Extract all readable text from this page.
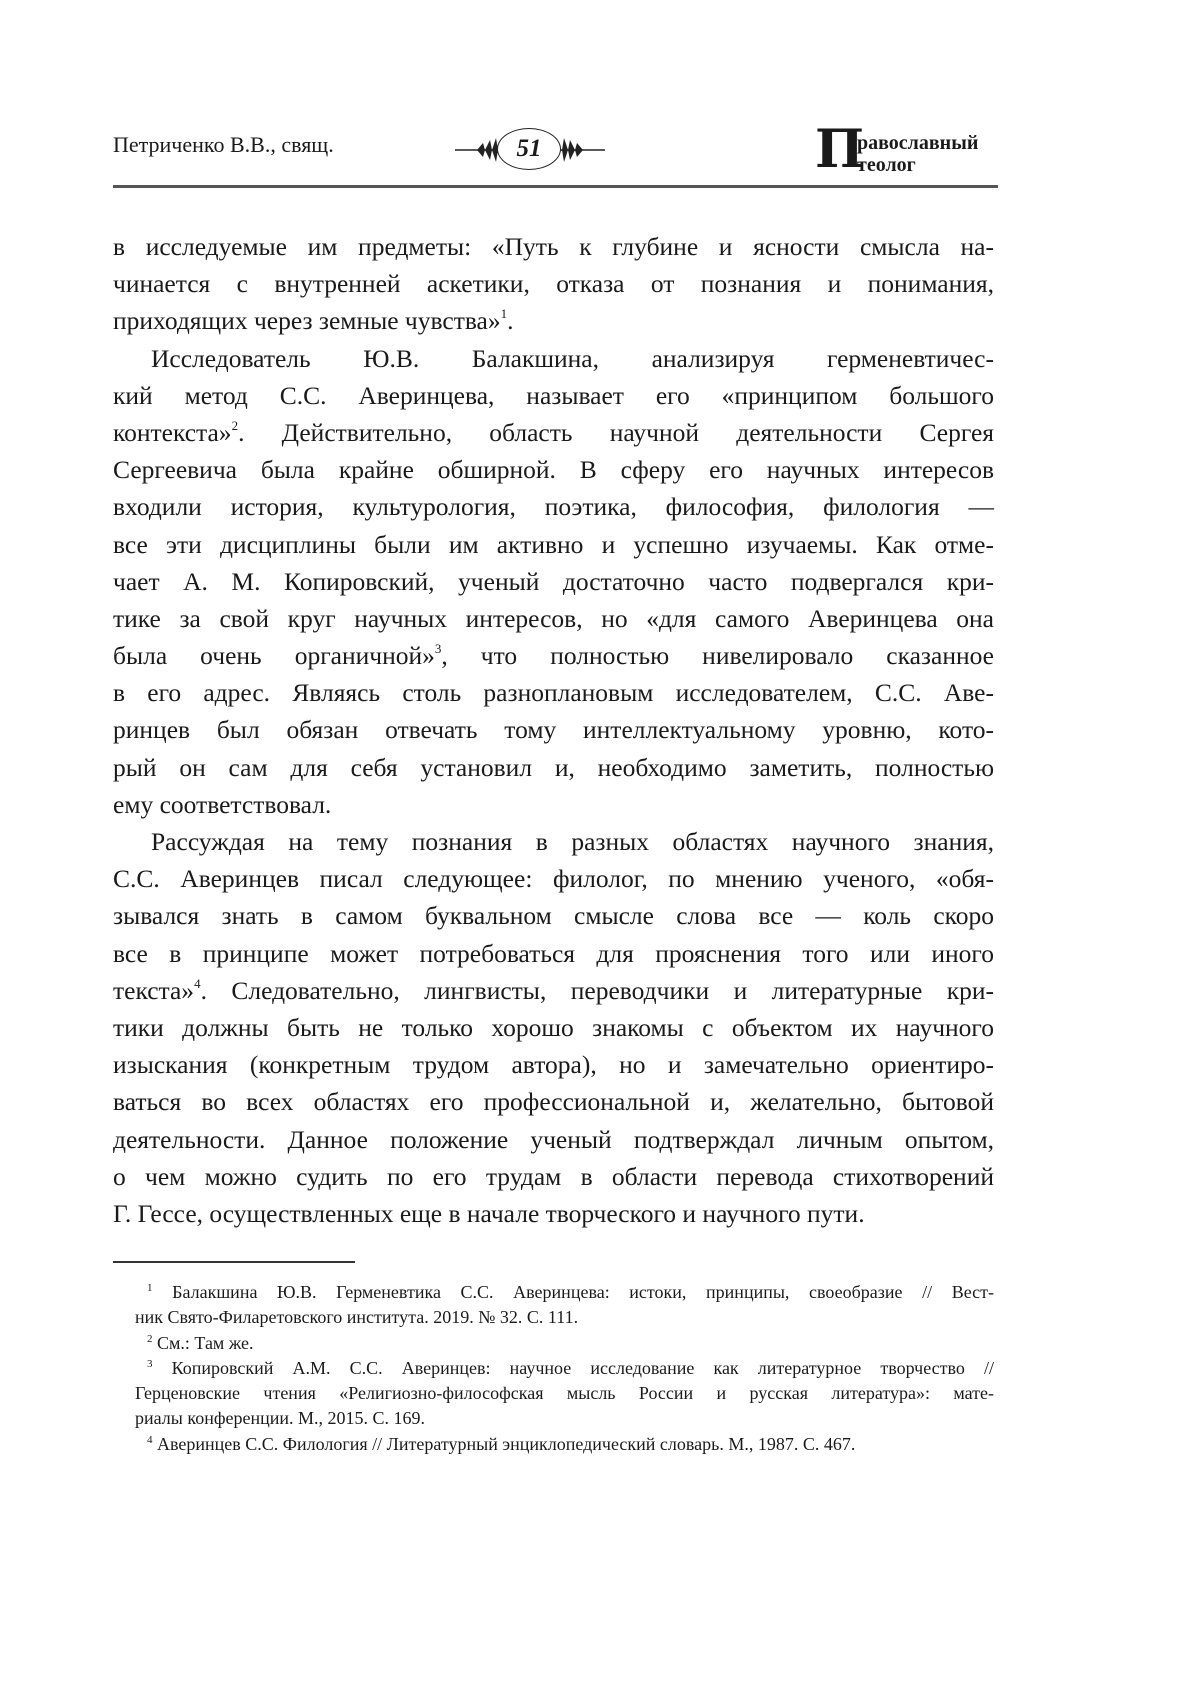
Петриченко В.В., свящ.	51	П
равославный
теолог
в исследуемые им предметы: «Путь к глубине и ясности смысла на-
чинается с внутренней аскетики, отказа от познания и понимания,
приходящих через земные чувства»$^1$.
Исследователь Ю.В. Балакшина, анализируя герменевтичес-
кий метод С.С. Аверинцева, называет его «принципом большого
контекста»$^2$. Действительно, область научной деятельности Сергея
Сергеевича была крайне обширной. В сферу его научных интересов
входили история, культурология, поэтика, философия, филология —
все эти дисциплины были им активно и успешно изучаемы. Как отме-
чает А. М. Копировский, ученый достаточно часто подвергался кри-
тике за свой круг научных интересов, но «для самого Аверинцева она
была очень органичной»$^3$, что полностью нивелировало сказанное
в его адрес. Являясь столь разноплановым исследователем, С.С. Аве-
ринцев был обязан отвечать тому интеллектуальному уровню, кото-
рый он сам для себя установил и, необходимо заметить, полностью
ему соответствовал.
Рассуждая на тему познания в разных областях научного знания,
С.С. Аверинцев писал следующее: филолог, по мнению ученого, «обя-
зывался знать в самом буквальном смысле слова все — коль скоро
все в принципе может потребоваться для прояснения того или иного
текста»$^4$. Следовательно, лингвисты, переводчики и литературные кри-
тики должны быть не только хорошо знакомы с объектом их научного
изыскания (конкретным трудом автора), но и замечательно ориентиро-
ваться во всех областях его профессиональной и, желательно, бытовой
деятельности. Данное положение ученый подтверждал личным опытом,
о чем можно судить по его трудам в области перевода стихотворений
Г. Гессе, осуществленных еще в начале творческого и научного пути.
$^1$ Балакшина Ю.В. Герменевтика С.С. Аверинцева: истоки, принципы, своеобразие // Вест-
ник Свято-Филаретовского института. 2019. № 32. С. 111.
$^2$ См.: Там же.
$^3$ Копировский А.М. С.С. Аверинцев: научное исследование как литературное творчество //
Герценовские чтения «Религиозно-философская мысль России и русская литература»: мате-
риалы конференции. М., 2015. С. 169.
$^4$ Аверинцев С.С. Филология // Литературный энциклопедический словарь. М., 1987. С. 467.
